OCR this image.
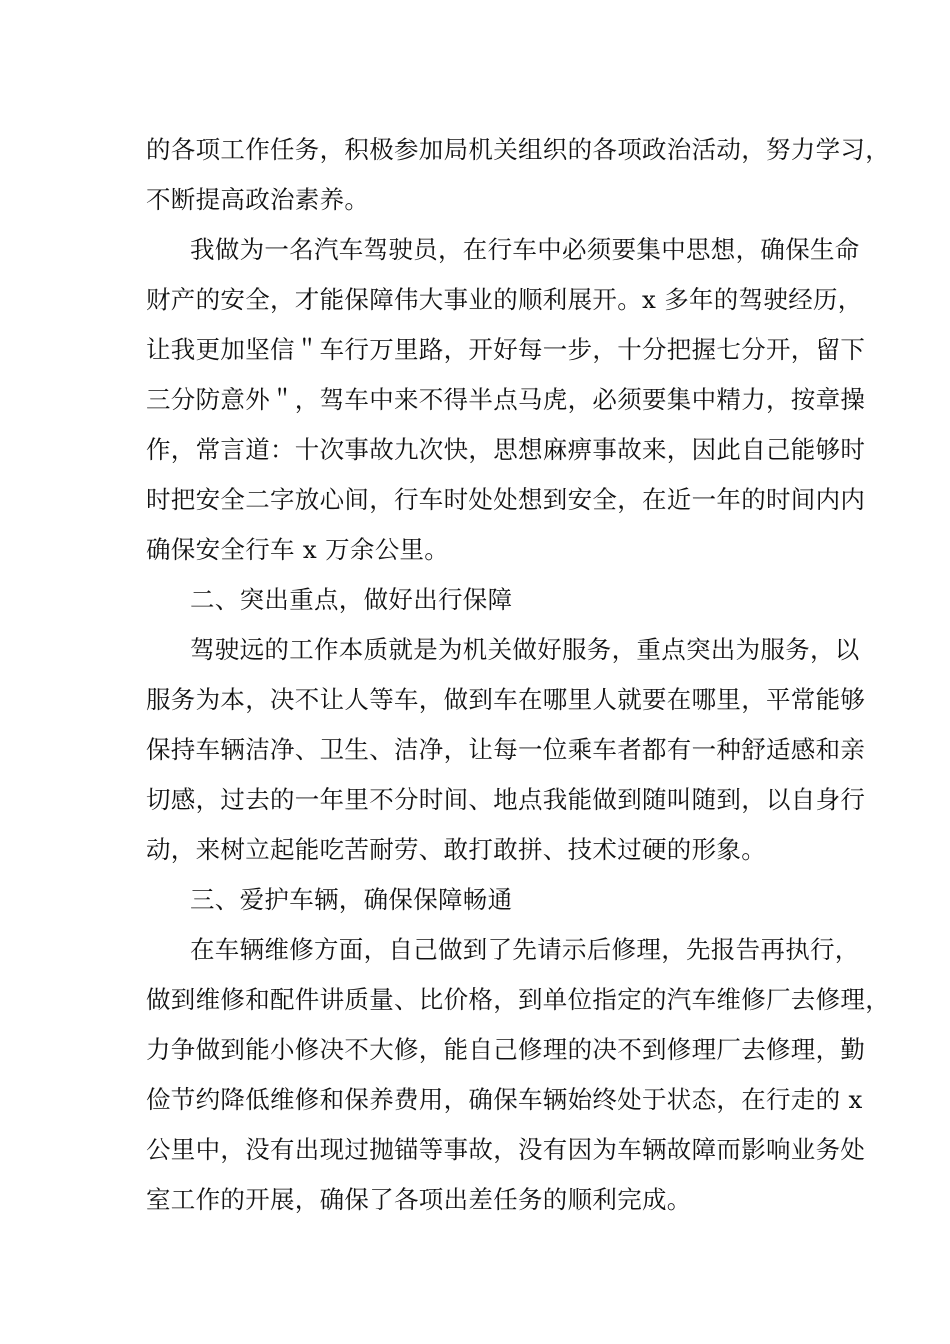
的各项工作任务，积极参加局机关组织的各项政治活动，努力学习，
不断提高政治素养。
我做为一名汽车驾驶员，在行车中必须要集中思想，确保生命
财产的安全，才能保障伟大事业的顺利展开。x 多年的驾驶经历，
让我更加坚信＂车行万里路，开好每一步，十分把握七分开，留下
三分防意外＂，驾车中来不得半点马虎，必须要集中精力，按章操
作，常言道：十次事故九次快，思想麻痹事故来，因此自己能够时
时把安全二字放心间，行车时处处想到安全，在近一年的时间内内
确保安全行车 x 万余公里。
二、突出重点，做好出行保障
驾驶远的工作本质就是为机关做好服务，重点突出为服务，以
服务为本，决不让人等车，做到车在哪里人就要在哪里，平常能够
保持车辆洁净、卫生、洁净，让每一位乘车者都有一种舒适感和亲
切感，过去的一年里不分时间、地点我能做到随叫随到，以自身行
动，来树立起能吃苦耐劳、敢打敢拼、技术过硬的形象。
三、爱护车辆，确保保障畅通
在车辆维修方面，自己做到了先请示后修理，先报告再执行，
做到维修和配件讲质量、比价格，到单位指定的汽车维修厂去修理，
力争做到能小修决不大修，能自己修理的决不到修理厂去修理，勤
俭节约降低维修和保养费用，确保车辆始终处于状态，在行走的 x
公里中，没有出现过抛锚等事故，没有因为车辆故障而影响业务处
室工作的开展，确保了各项出差任务的顺利完成。
